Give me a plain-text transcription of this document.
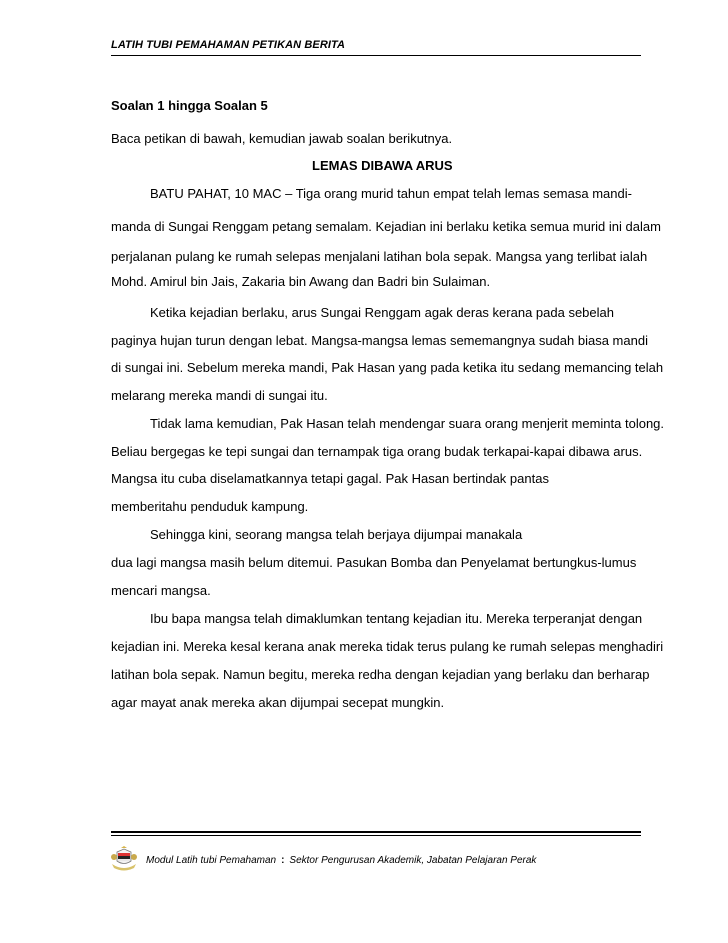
LATIH TUBI PEMAHAMAN PETIKAN BERITA
Soalan 1 hingga Soalan 5
Baca petikan di bawah, kemudian jawab soalan berikutnya.
LEMAS DIBAWA ARUS
BATU PAHAT, 10 MAC – Tiga orang murid tahun empat telah lemas semasa mandi-
manda di Sungai Renggam petang semalam. Kejadian ini berlaku ketika semua murid ini dalam
perjalanan pulang ke rumah selepas menjalani latihan bola sepak. Mangsa yang terlibat ialah
Mohd. Amirul bin Jais, Zakaria bin Awang dan Badri bin Sulaiman.
Ketika kejadian berlaku, arus Sungai Renggam agak deras kerana pada sebelah
paginya hujan turun dengan lebat. Mangsa-mangsa lemas sememangnya sudah biasa mandi
di sungai ini. Sebelum mereka mandi, Pak Hasan yang pada ketika itu sedang memancing telah
melarang mereka mandi di sungai itu.
Tidak lama kemudian, Pak Hasan telah mendengar suara orang menjerit meminta tolong.
Beliau bergegas ke tepi sungai dan ternampak tiga orang budak terkapai-kapai dibawa arus.
Mangsa itu cuba diselamatkannya tetapi gagal. Pak Hasan bertindak pantas
memberitahu penduduk kampung.
Sehingga kini, seorang mangsa telah berjaya dijumpai manakala
dua lagi mangsa masih belum ditemui. Pasukan Bomba dan Penyelamat bertungkus-lumus
mencari mangsa.
Ibu bapa mangsa telah dimaklumkan tentang kejadian itu. Mereka terperanjat dengan
kejadian ini. Mereka kesal kerana anak mereka tidak terus pulang ke rumah selepas menghadiri
latihan bola sepak. Namun begitu, mereka redha dengan kejadian yang berlaku dan berharap
agar mayat anak mereka akan dijumpai secepat mungkin.
Modul Latih tubi Pemahaman : Sektor Pengurusan Akademik, Jabatan Pelajaran Perak
